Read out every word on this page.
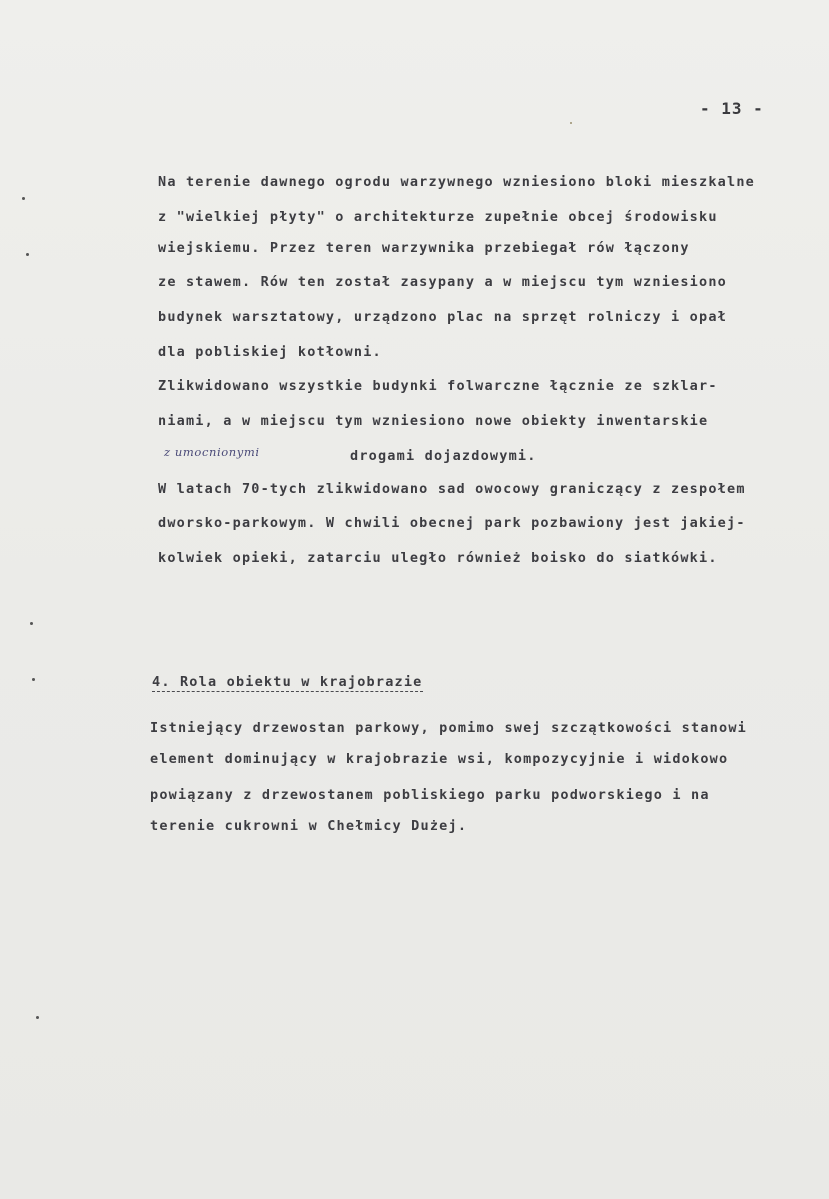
- 13 -
Na terenie dawnego ogrodu warzywnego wzniesiono bloki mieszkalne
z "wielkiej płyty" o architekturze zupełnie obcej środowisku
wiejskiemu. Przez teren warzywnika przebiegał rów łączony
ze stawem. Rów ten został zasypany a w miejscu tym wzniesiono
budynek warsztatowy, urządzono plac na sprzęt rolniczy i opał
dla pobliskiej kotłowni.
Zlikwidowano wszystkie budynki folwarczne łącznie ze szklar-
niami, a w miejscu tym wzniesiono nowe obiekty inwentarskie
z umocnionymi	drogami dojazdowymi.
W latach 70-tych zlikwidowano sad owocowy graniczący z zespołem
dworsko-parkowym. W chwili obecnej park pozbawiony jest jakiej-
kolwiek opieki, zatarciu uległo również boisko do siatkówki.
4. Rola obiektu w krajobrazie
Istniejący drzewostan parkowy, pomimo swej szczątkowości stanowi
element dominujący w krajobrazie wsi, kompozycyjnie i widokowo
powiązany z drzewostanem pobliskiego parku podworskiego i na
terenie cukrowni w Chełmicy Dużej.
